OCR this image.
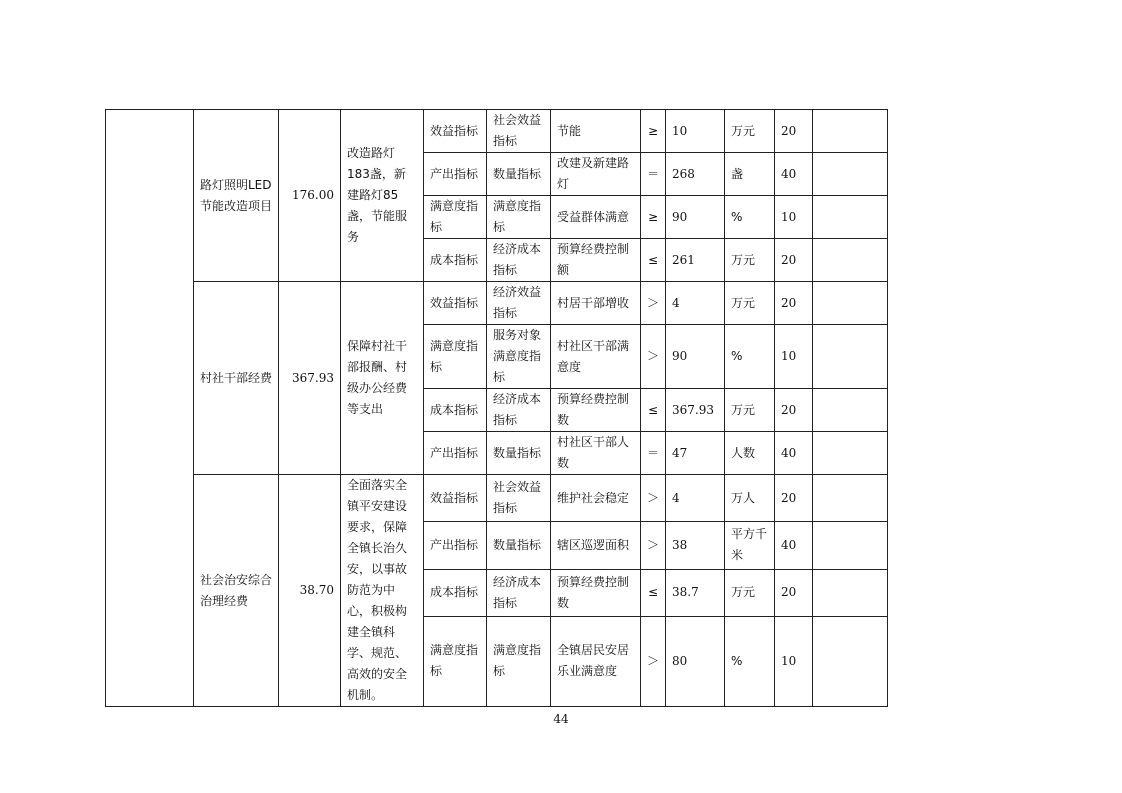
	路灯照明LED节能改造项目	176.00	改造路灯183盏，新建路灯85盏，节能服务	效益指标	社会效益指标	节能	≥	10	万元	20	
				产出指标	数量指标	改建及新建路灯	＝	268	盏	40	
				满意度指标	满意度指标	受益群体满意	≥	90	%	10	
				成本指标	经济成本指标	预算经费控制额	≤	261	万元	20	
	村社干部经费	367.93	保障村社干部报酬、村级办公经费等支出	效益指标	经济效益指标	村居干部增收	＞	4	万元	20	
				满意度指标	服务对象满意度指标	村社区干部满意度	＞	90	%	10	
				成本指标	经济成本指标	预算经费控制数	≤	367.93	万元	20	
				产出指标	数量指标	村社区干部人数	＝	47	人数	40	
	社会治安综合治理经费	38.70	全面落实全镇平安建设要求，保障全镇长治久安，以事故防范为中心，积极构建全镇科学、规范、高效的安全机制。	效益指标	社会效益指标	维护社会稳定	＞	4	万人	20	
				产出指标	数量指标	辖区巡逻面积	＞	38	平方千米	40	
				成本指标	经济成本指标	预算经费控制数	≤	38.7	万元	20	
				满意度指标	满意度指标	全镇居民安居乐业满意度	＞	80	%	10	
44
